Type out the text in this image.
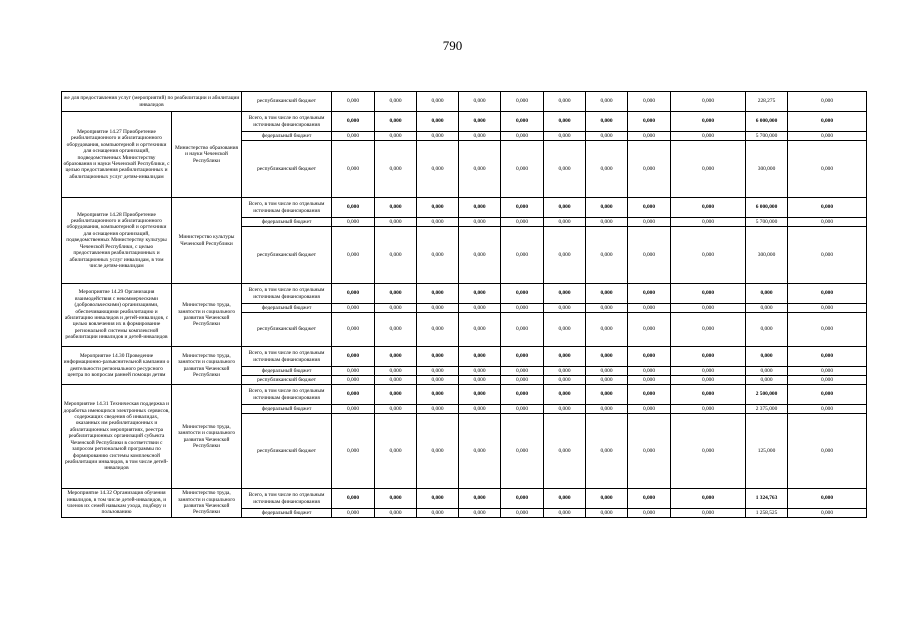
790
же для предоставления услуг (мероприятий) по реабилитации и абилитации инвалидов		республиканский бюджет	0,000	0,000	0,000	0,000	0,000	0,000	0,000	0,000	0,000	228,275	0,000
Мероприятие 14.27 Приобретение реабилитационного и абилитационного оборудования, компьютерной и оргтехники для оснащения организаций, подведомственных Министерству образования и науки Чеченской Республики, с целью предоставления реабилитационных и абилитационных услуг детям-инвалидам	Министерство образования и науки Чеченской Республики	Всего, в том числе по отдельным источникам финансирования	0,000	0,000	0,000	0,000	0,000	0,000	0,000	0,000	0,000	6 000,000	0,000
		федеральный бюджет	0,000	0,000	0,000	0,000	0,000	0,000	0,000	0,000	0,000	5 700,000	0,000
		республиканский бюджет	0,000	0,000	0,000	0,000	0,000	0,000	0,000	0,000	0,000	300,000	0,000
Мероприятие 14.28 Приобретение реабилитационного и абилитационного оборудования, компьютерной и оргтехники для оснащения организаций, подведомственных Министерству культуры Чеченской Республики, с целью предоставления реабилитационных и абилитационных услуг инвалидам, в том числе детям-инвалидам	Министерство культуры Чеченской Республики	Всего, в том числе по отдельным источникам финансирования	0,000	0,000	0,000	0,000	0,000	0,000	0,000	0,000	0,000	6 000,000	0,000
		федеральный бюджет	0,000	0,000	0,000	0,000	0,000	0,000	0,000	0,000	0,000	5 700,000	0,000
		республиканский бюджет	0,000	0,000	0,000	0,000	0,000	0,000	0,000	0,000	0,000	300,000	0,000
Мероприятие 14.29 Организация взаимодействия с некоммерческими (добровольческими) организациями, обеспечивающими реабилитацию и абилитацию инвалидов и детей-инвалидов, с целью вовлечения их в формирование региональной системы комплексной реабилитации инвалидов и детей-инвалидов	Министерство труда, занятости и социального развития Чеченской Республики	Всего, в том числе по отдельным источникам финансирования	0,000	0,000	0,000	0,000	0,000	0,000	0,000	0,000	0,000	0,000	0,000
		федеральный бюджет	0,000	0,000	0,000	0,000	0,000	0,000	0,000	0,000	0,000	0,000	0,000
		республиканский бюджет	0,000	0,000	0,000	0,000	0,000	0,000	0,000	0,000	0,000	0,000	0,000
Мероприятие 14.30 Проведение информационно-разъяснительной кампании о деятельности регионального ресурсного центра по вопросам ранней помощи детям	Министерство труда, занятости и социального развития Чеченской Республики	Всего, в том числе по отдельным источникам финансирования	0,000	0,000	0,000	0,000	0,000	0,000	0,000	0,000	0,000	0,000	0,000
		федеральный бюджет	0,000	0,000	0,000	0,000	0,000	0,000	0,000	0,000	0,000	0,000	0,000
		республиканский бюджет	0,000	0,000	0,000	0,000	0,000	0,000	0,000	0,000	0,000	0,000	0,000
Мероприятие 14.31 Техническая поддержка и доработка имеющихся электронных сервисов, содержащих сведения об инвалидах, оказанных им реабилитационных и абилитационных мероприятиях, реестра реабилитационных организаций субъекта Чеченской Республики в соответствии с запросом региональной программы по формированию системы комплексной реабилитации инвалидов, в том числе детей-инвалидов	Министерство труда, занятости и социального развития Чеченской Республики	Всего, в том числе по отдельным источникам финансирования	0,000	0,000	0,000	0,000	0,000	0,000	0,000	0,000	0,000	2 500,000	0,000
		федеральный бюджет	0,000	0,000	0,000	0,000	0,000	0,000	0,000	0,000	0,000	2 375,000	0,000
		республиканский бюджет	0,000	0,000	0,000	0,000	0,000	0,000	0,000	0,000	0,000	125,000	0,000
Мероприятие 14.32 Организация обучения инвалидов, в том числе детей-инвалидов, и членов их семей навыкам ухода, подбору и пользованию	Министерство труда, занятости и социального развития Чеченской Республики	Всего, в том числе по отдельным источникам финансирования	0,000	0,000	0,000	0,000	0,000	0,000	0,000	0,000	0,000	1 324,763	0,000
		федеральный бюджет	0,000	0,000	0,000	0,000	0,000	0,000	0,000	0,000	0,000	1 258,525	0,000
